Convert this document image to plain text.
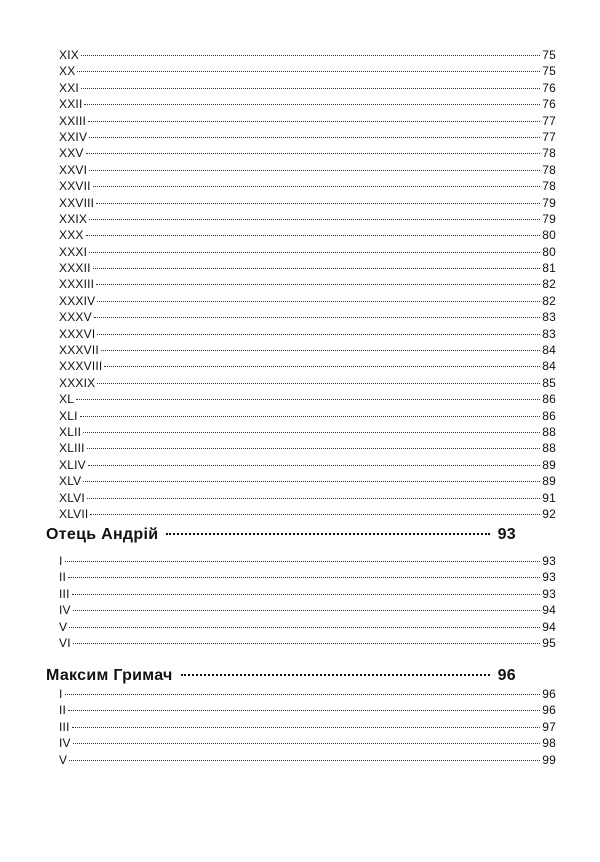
XIX	75
XX	75
XXI	76
XXII	76
XXIII	77
XXIV	77
XXV	78
XXVI	78
XXVII	78
XXVIII	79
XXIX	79
XXX	80
XXXI	80
XXXII	81
XXXIII	82
XXXIV	82
XXXV	83
XXXVI	83
XXXVII	84
XXXVIII	84
XXXIX	85
XL	86
XLI	86
XLII	88
XLIII	88
XLIV	89
XLV	89
XLVI	91
XLVII	92
Отець Андрій	93
I	93
II	93
III	93
IV	94
V	94
VI	95
Максим Гримач	96
I	96
II	96
III	97
IV	98
V	99
